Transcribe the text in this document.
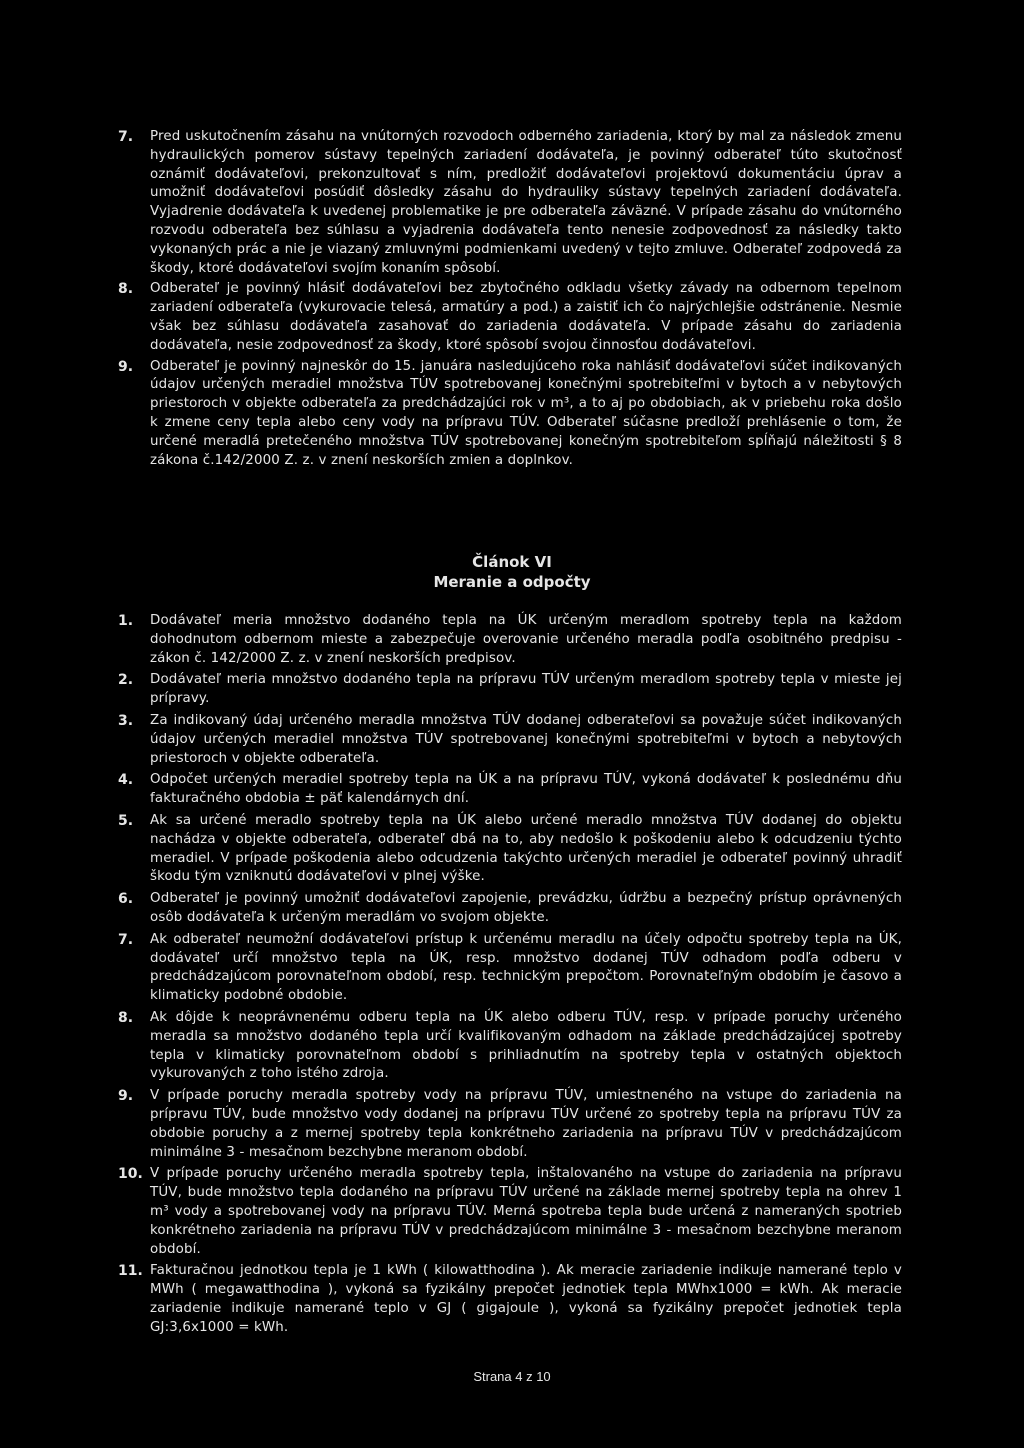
7.	Pred uskutočnením zásahu na vnútorných rozvodoch odberného zariadenia, ktorý by mal za následok zmenu hydraulických pomerov sústavy tepelných zariadení dodávateľa, je povinný odberateľ túto skutočnosť oznámiť dodávateľovi, prekonzultovať s ním, predložiť dodávateľovi projektovú dokumentáciu úprav a umožniť dodávateľovi posúdiť dôsledky zásahu do hydrauliky sústavy tepelných zariadení dodávateľa. Vyjadrenie dodávateľa k uvedenej problematike je pre odberateľa záväzné. V prípade zásahu do vnútorného rozvodu odberateľa bez súhlasu a vyjadrenia dodávateľa tento nenesie zodpovednosť za následky takto vykonaných prác a nie je viazaný zmluvnými podmienkami uvedený v tejto zmluve. Odberateľ zodpovedá za škody, ktoré dodávateľovi svojím konaním spôsobí.
8.	Odberateľ je povinný hlásiť dodávateľovi bez zbytočného odkladu všetky závady na odbernom tepelnom zariadení odberateľa (vykurovacie telesá, armatúry a pod.) a zaistiť ich čo najrýchlejšie odstránenie. Nesmie však bez súhlasu dodávateľa zasahovať do zariadenia dodávateľa. V prípade zásahu do zariadenia dodávateľa, nesie zodpovednosť za škody, ktoré spôsobí svojou činnosťou dodávateľovi.
9.	Odberateľ je povinný najneskôr do 15. januára nasledujúceho roka nahlásiť dodávateľovi súčet indikovaných údajov určených meradiel množstva TÚV spotrebovanej konečnými spotrebiteľmi v bytoch a v nebytových priestoroch v objekte odberateľa za predchádzajúci rok v m³, a to aj po obdobiach, ak v priebehu roka došlo k zmene ceny tepla alebo ceny vody na prípravu TÚV. Odberateľ súčasne predloží prehlásenie o tom, že určené meradlá pretečeného množstva TÚV spotrebovanej konečným spotrebiteľom spĺňajú náležitosti § 8 zákona č.142/2000 Z. z. v znení neskorších zmien a doplnkov.
Článok VI
Meranie a odpočty
1.	Dodávateľ meria množstvo dodaného tepla na ÚK určeným meradlom spotreby tepla na každom dohodnutom odbernom mieste a zabezpečuje overovanie určeného meradla podľa osobitného predpisu - zákon č. 142/2000 Z. z. v znení neskorších predpisov.
2.	Dodávateľ meria množstvo dodaného tepla na prípravu TÚV určeným meradlom spotreby tepla v mieste jej prípravy.
3.	Za indikovaný údaj určeného meradla množstva TÚV dodanej odberateľovi sa považuje súčet indikovaných údajov určených meradiel množstva TÚV spotrebovanej konečnými spotrebiteľmi v bytoch a nebytových priestoroch v objekte odberateľa.
4.	Odpočet určených meradiel spotreby tepla na ÚK a na prípravu TÚV, vykoná dodávateľ k poslednému dňu fakturačného obdobia ± päť kalendárnych dní.
5.	Ak sa určené meradlo spotreby tepla na ÚK alebo určené meradlo množstva TÚV dodanej do objektu nachádza v objekte odberateľa, odberateľ dbá na to, aby nedošlo k poškodeniu alebo k odcudzeniu týchto meradiel. V prípade poškodenia alebo odcudzenia takýchto určených meradiel je odberateľ povinný uhradiť škodu tým vzniknutú dodávateľovi v plnej výške.
6.	Odberateľ je povinný umožniť dodávateľovi zapojenie, prevádzku, údržbu a bezpečný prístup oprávnených osôb dodávateľa k určeným meradlám vo svojom objekte.
7.	Ak odberateľ neumožní dodávateľovi prístup k určenému meradlu na účely odpočtu spotreby tepla na ÚK, dodávateľ určí množstvo tepla na ÚK, resp. množstvo dodanej TÚV odhadom podľa odberu v predchádzajúcom porovnateľnom období, resp. technickým prepočtom. Porovnateľným obdobím je časovo a klimaticky podobné obdobie.
8.	Ak dôjde k neoprávnenému odberu tepla na ÚK alebo odberu TÚV, resp. v prípade poruchy určeného meradla sa množstvo dodaného tepla určí kvalifikovaným odhadom na základe predchádzajúcej spotreby tepla v klimaticky porovnateľnom období s prihliadnutím na spotreby tepla v ostatných objektoch vykurovaných z toho istého zdroja.
9.	V prípade poruchy meradla spotreby vody na prípravu TÚV, umiestneného na vstupe do zariadenia na prípravu TÚV, bude množstvo vody dodanej na prípravu TÚV určené zo spotreby tepla na prípravu TÚV za obdobie poruchy a z mernej spotreby tepla konkrétneho zariadenia na prípravu TÚV v predchádzajúcom minimálne 3 - mesačnom bezchybne meranom období.
10. V prípade poruchy určeného meradla spotreby tepla, inštalovaného na vstupe do zariadenia na prípravu TÚV, bude množstvo tepla dodaného na prípravu TÚV určené na základe mernej spotreby tepla na ohrev 1 m³ vody a spotrebovanej vody na prípravu TÚV. Merná spotreba tepla bude určená z nameraných spotrieb konkrétneho zariadenia na prípravu TÚV v predchádzajúcom minimálne 3 - mesačnom bezchybne meranom období.
11. Fakturačnou jednotkou tepla je 1 kWh ( kilowatthodina ). Ak meracie zariadenie indikuje namerané teplo v MWh ( megawatthodina ), vykoná sa fyzikálny prepočet jednotiek tepla MWhx1000 = kWh. Ak meracie zariadenie indikuje namerané teplo v GJ ( gigajoule ), vykoná sa fyzikálny prepočet jednotiek tepla GJ:3,6x1000 = kWh.
Strana 4 z 10
